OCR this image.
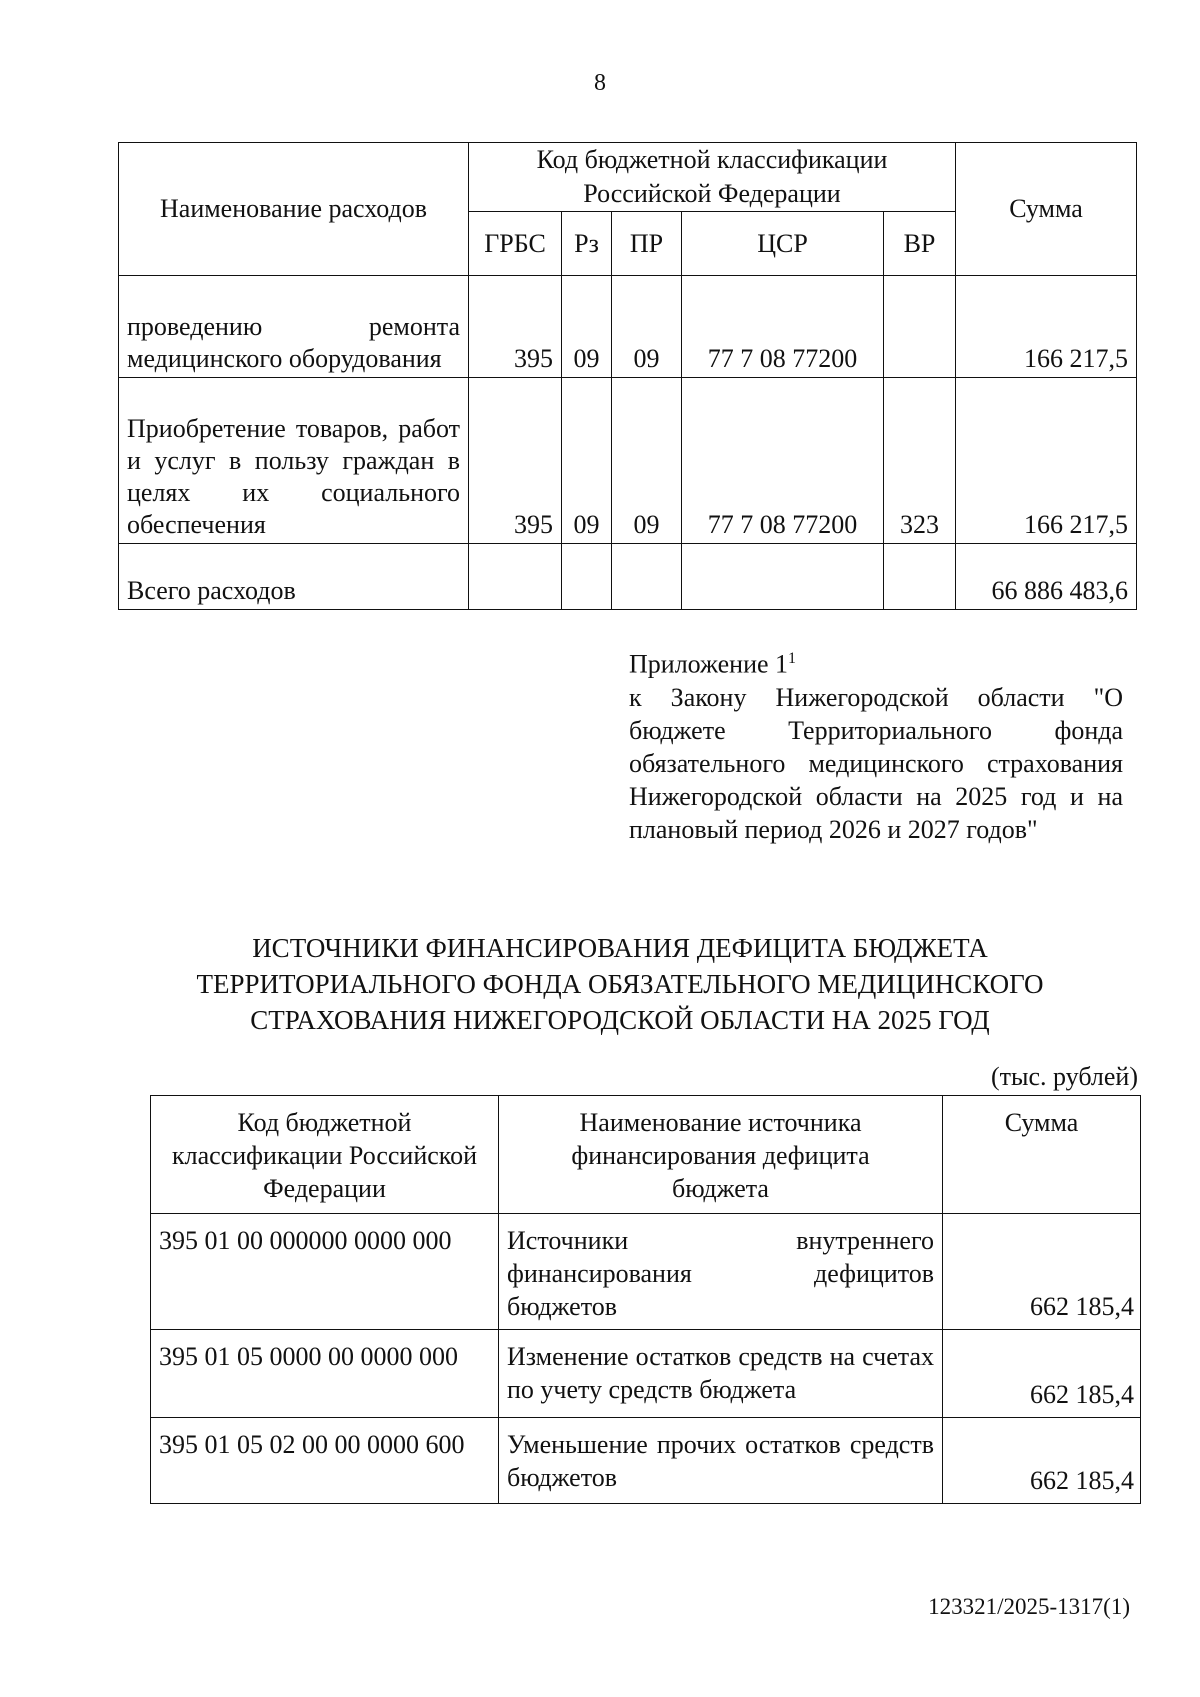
8
Наименование расходов	Код бюджетной классификации Российской Федерации					Сумма
	ГРБС	Рз	ПР	ЦСР	ВР	
проведению ремонта медицинского оборудования	395	09	09	77 7 08 77200		166 217,5
Приобретение товаров, работ и услуг в пользу граждан в целях их социального обеспечения	395	09	09	77 7 08 77200	323	166 217,5
Всего расходов						66 886 483,6
Приложение $1^1$
к Закону Нижегородской области "О бюджете Территориального фонда обязательного медицинского страхования Нижегородской области на 2025 год и на плановый период 2026 и 2027 годов"
ИСТОЧНИКИ ФИНАНСИРОВАНИЯ ДЕФИЦИТА БЮДЖЕТА
ТЕРРИТОРИАЛЬНОГО ФОНДА ОБЯЗАТЕЛЬНОГО МЕДИЦИНСКОГО
СТРАХОВАНИЯ НИЖЕГОРОДСКОЙ ОБЛАСТИ НА 2025 ГОД
(тыс. рублей)
Код бюджетной классификации Российской Федерации	Наименование источника финансирования дефицита бюджета	Сумма
395 01 00 000000 0000 000	Источники внутреннего финансирования дефицитов бюджетов	662 185,4
395 01 05 0000 00 0000 000	Изменение остатков средств на счетах по учету средств бюджета	662 185,4
395 01 05 02 00 00 0000 600	Уменьшение прочих остатков средств бюджетов	662 185,4
123321/2025-1317(1)
